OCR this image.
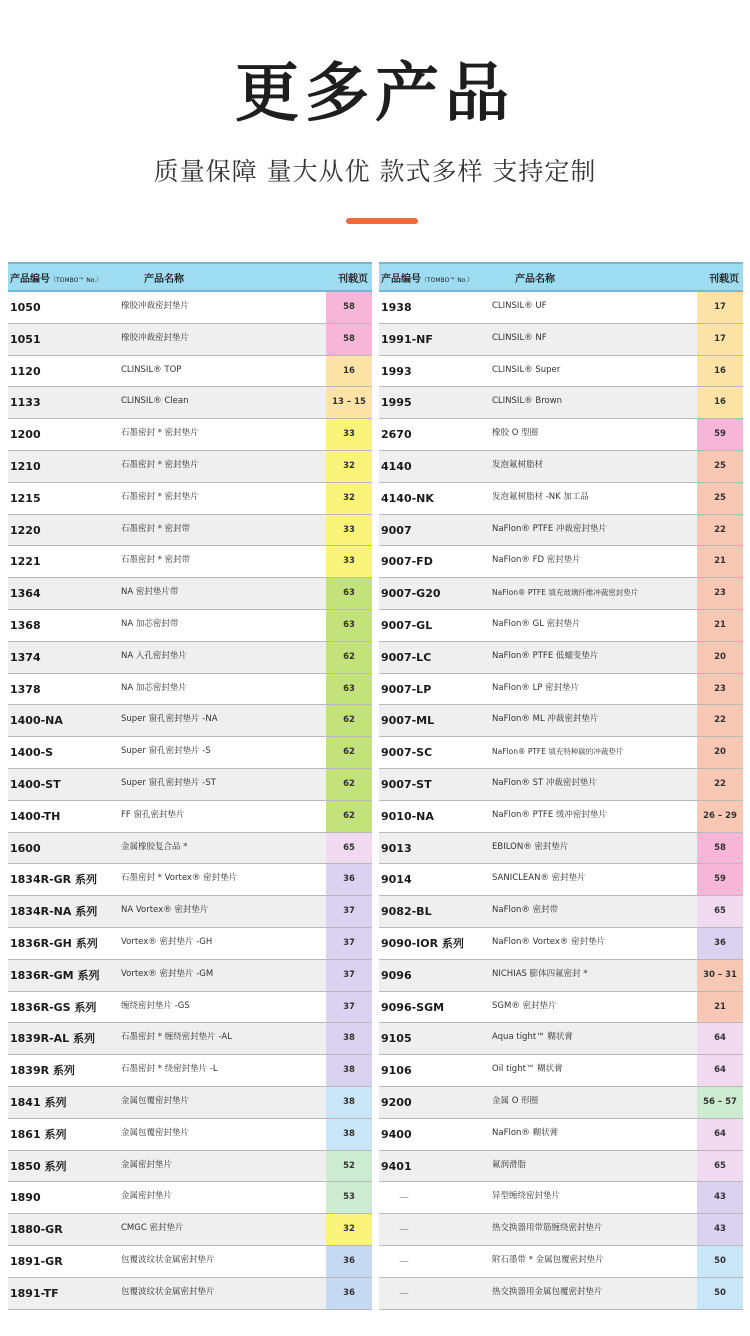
更多产品
质量保障 量大从优 款式多样 支持定制
产品编号（TOMBO™ No.）	产品名称	刊载页
1050	橡胶冲裁密封垫片	58
1051	橡胶冲裁密封垫片	58
1120	CLINSIL® TOP	16
1133	CLINSIL® Clean	13 – 15
1200	石墨密封 * 密封垫片	33
1210	石墨密封 * 密封垫片	32
1215	石墨密封 * 密封垫片	32
1220	石墨密封 * 密封带	33
1221	石墨密封 * 密封带	33
1364	NA 密封垫片带	63
1368	NA 加芯密封带	63
1374	NA 入孔密封垫片	62
1378	NA 加芯密封垫片	63
1400-NA	Super 窗孔密封垫片 -NA	62
1400-S	Super 窗孔密封垫片 -S	62
1400-ST	Super 窗孔密封垫片 -ST	62
1400-TH	FF 窗孔密封垫片	62
1600	金属橡胶复合品 *	65
1834R-GR 系列	石墨密封 * Vortex® 密封垫片	36
1834R-NA 系列	NA Vortex® 密封垫片	37
1836R-GH 系列	Vortex® 密封垫片 -GH	37
1836R-GM 系列	Vortex® 密封垫片 -GM	37
1836R-GS 系列	缠绕密封垫片 -GS	37
1839R-AL 系列	石墨密封 * 缠绕密封垫片 -AL	38
1839R 系列	石墨密封 * 绕密封垫片 -L	38
1841 系列	金属包覆密封垫片	38
1861 系列	金属包覆密封垫片	38
1850 系列	金属密封垫片	52
1890	金属密封垫片	53
1880-GR	CMGC 密封垫片	32
1891-GR	包覆波纹状金属密封垫片	36
1891-TF	包覆波纹状金属密封垫片	36
产品编号（TOMBO™ No.）	产品名称	刊载页
1938	CLINSIL® UF	17
1991-NF	CLINSIL® NF	17
1993	CLINSIL® Super	16
1995	CLINSIL® Brown	16
2670	橡胶 O 型圈	59
4140	发泡氟树脂材	25
4140-NK	发泡氟树脂材 -NK 加工品	25
9007	NaFlon® PTFE 冲裁密封垫片	22
9007-FD	NaFlon® FD 密封垫片	21
9007-G20	NaFlon® PTFE 填充玻璃纤维冲裁密封垫片	23
9007-GL	NaFlon® GL 密封垫片	21
9007-LC	NaFlon® PTFE 低蠕变垫片	20
9007-LP	NaFlon® LP 密封垫片	23
9007-ML	NaFlon® ML 冲裁密封垫片	22
9007-SC	NaFlon® PTFE 填充特种碳的冲裁垫片	20
9007-ST	NaFlon® ST 冲裁密封垫片	22
9010-NA	NaFlon® PTFE 缓冲密封垫片	26 – 29
9013	EBILON® 密封垫片	58
9014	SANICLEAN® 密封垫片	59
9082-BL	NaFlon® 密封带	65
9090-IOR 系列	NaFlon® Vortex® 密封垫片	36
9096	NICHIAS 膨体四氟密封 *	30 – 31
9096-SGM	SGM® 密封垫片	21
9105	Aqua tight™ 糊状膏	64
9106	Oil tight™ 糊状膏	64
9200	金属 O 形圈	56 – 57
9400	NaFlon® 糊状膏	64
9401	氟润滑脂	65
—	异型缠绕密封垫片	43
—	热交换器用带筋缠绕密封垫片	43
—	附石墨带 * 金属包覆密封垫片	50
—	热交换器用金属包覆密封垫片	50
